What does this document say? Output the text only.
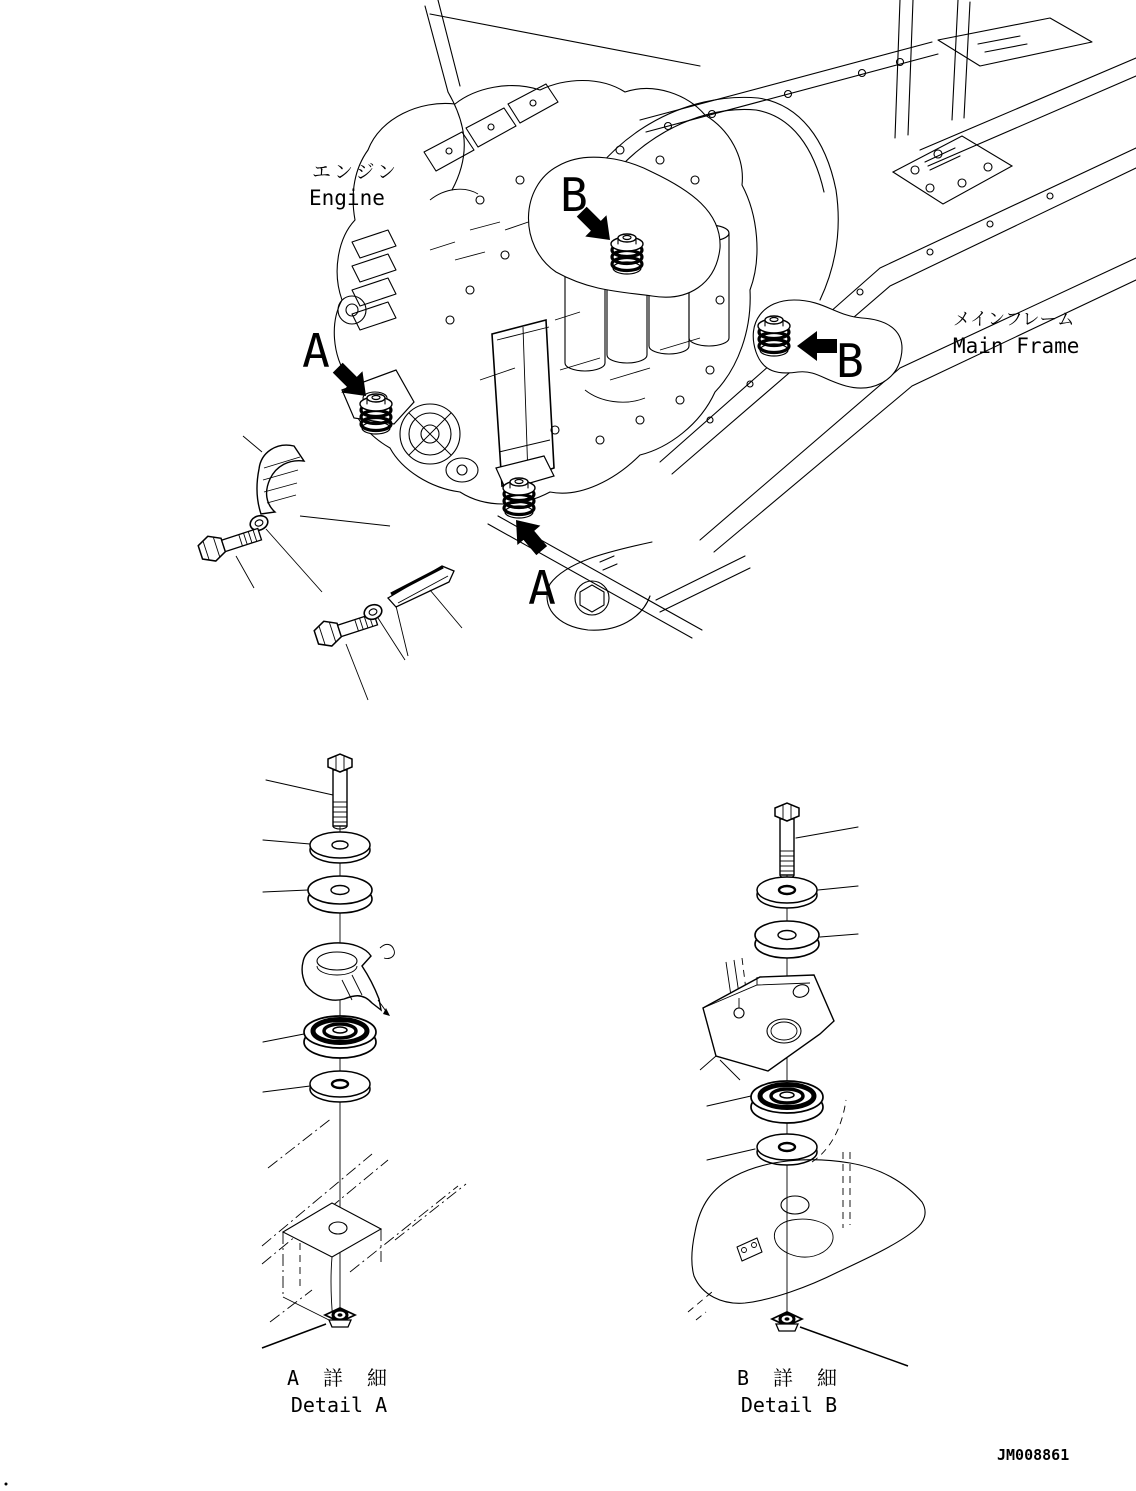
B
B
A
A
エンジン
Engine
メインフレーム
Main Frame
A 詳 細
Detail A
B 詳 細
Detail B
JM008861
